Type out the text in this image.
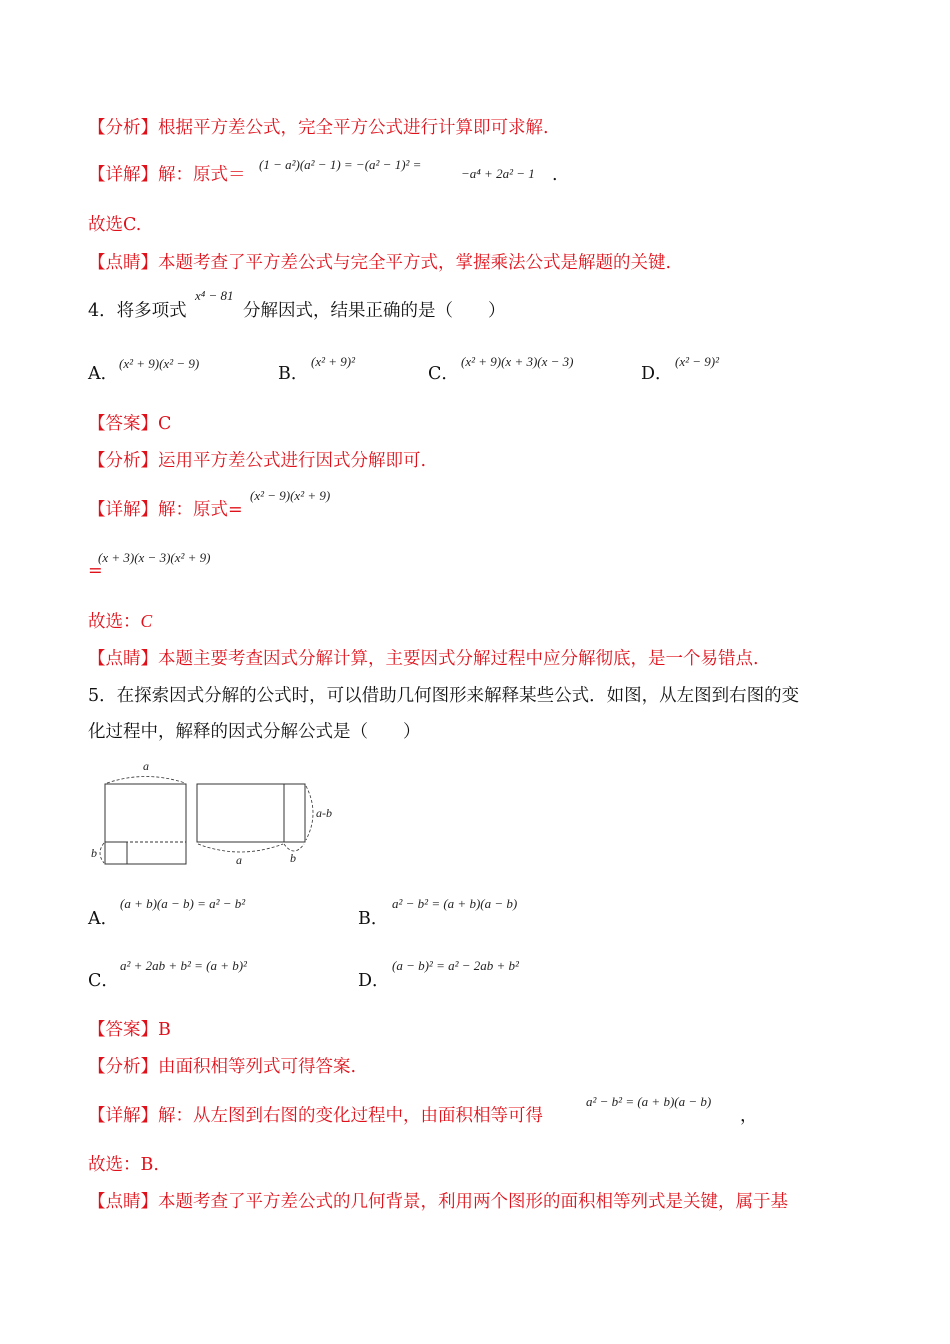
【分析】根据平方差公式，完全平方公式进行计算即可求解.
【详解】解：原式＝
(1 − a²)(a² − 1) = −(a² − 1)² =
−a⁴ + 2a² − 1 .
故选C.
【点睛】本题考查了平方差公式与完全平方式，掌握乘法公式是解题的关键.
4．将多项式
x⁴ − 81
分解因式，结果正确的是（　　）
A．
(x² + 9)(x² − 9)
B．
(x² + 9)²
C．
(x² + 9)(x + 3)(x − 3)
D．
(x² − 9)²
【答案】C
【分析】运用平方差公式进行因式分解即可.
【详解】解：原式=
(x² − 9)(x² + 9)
=
(x + 3)(x − 3)(x² + 9)
故选：C
【点睛】本题主要考查因式分解计算，主要因式分解过程中应分解彻底，是一个易错点.
5．在探索因式分解的公式时，可以借助几何图形来解释某些公式．如图，从左图到右图的变
化过程中，解释的因式分解公式是（　　）
a
b
a-b
a	b
A．
(a + b)(a − b) = a² − b²
B．
a² − b² = (a + b)(a − b)
C．
a² + 2ab + b² = (a + b)²
D．
(a − b)² = a² − 2ab + b²
【答案】B
【分析】由面积相等列式可得答案.
【详解】解：从左图到右图的变化过程中，由面积相等可得
a² − b² = (a + b)(a − b)
，
故选：B.
【点睛】本题考查了平方差公式的几何背景，利用两个图形的面积相等列式是关键，属于基
